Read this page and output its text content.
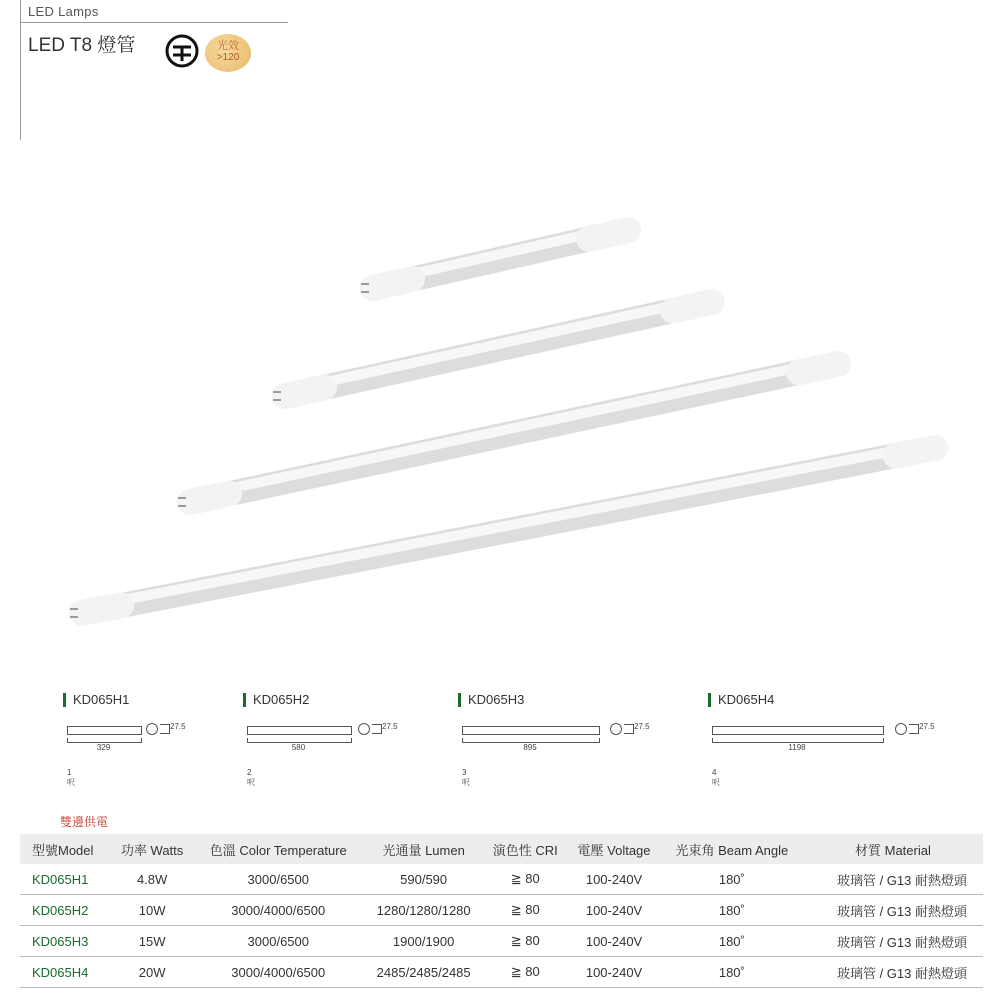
LED Lamps
LED T8 燈管	光效
>120
KD065H1
27.5
329
1 呎
KD065H2
27.5
580
2 呎
KD065H3
27.5
895
3 呎
KD065H4
27.5
1198
4 呎
雙邊供電
型號Model	功率 Watts	色溫 Color Temperature	光通量 Lumen	演色性 CRI	電壓 Voltage	光束角 Beam Angle	材質 Material
KD065H1	4.8W	3000/6500	590/590	≧ 80	100-240V	180˚	玻璃管 / G13 耐熱燈頭
KD065H2	10W	3000/4000/6500	1280/1280/1280	≧ 80	100-240V	180˚	玻璃管 / G13 耐熱燈頭
KD065H3	15W	3000/6500	1900/1900	≧ 80	100-240V	180˚	玻璃管 / G13 耐熱燈頭
KD065H4	20W	3000/4000/6500	2485/2485/2485	≧ 80	100-240V	180˚	玻璃管 / G13 耐熱燈頭
